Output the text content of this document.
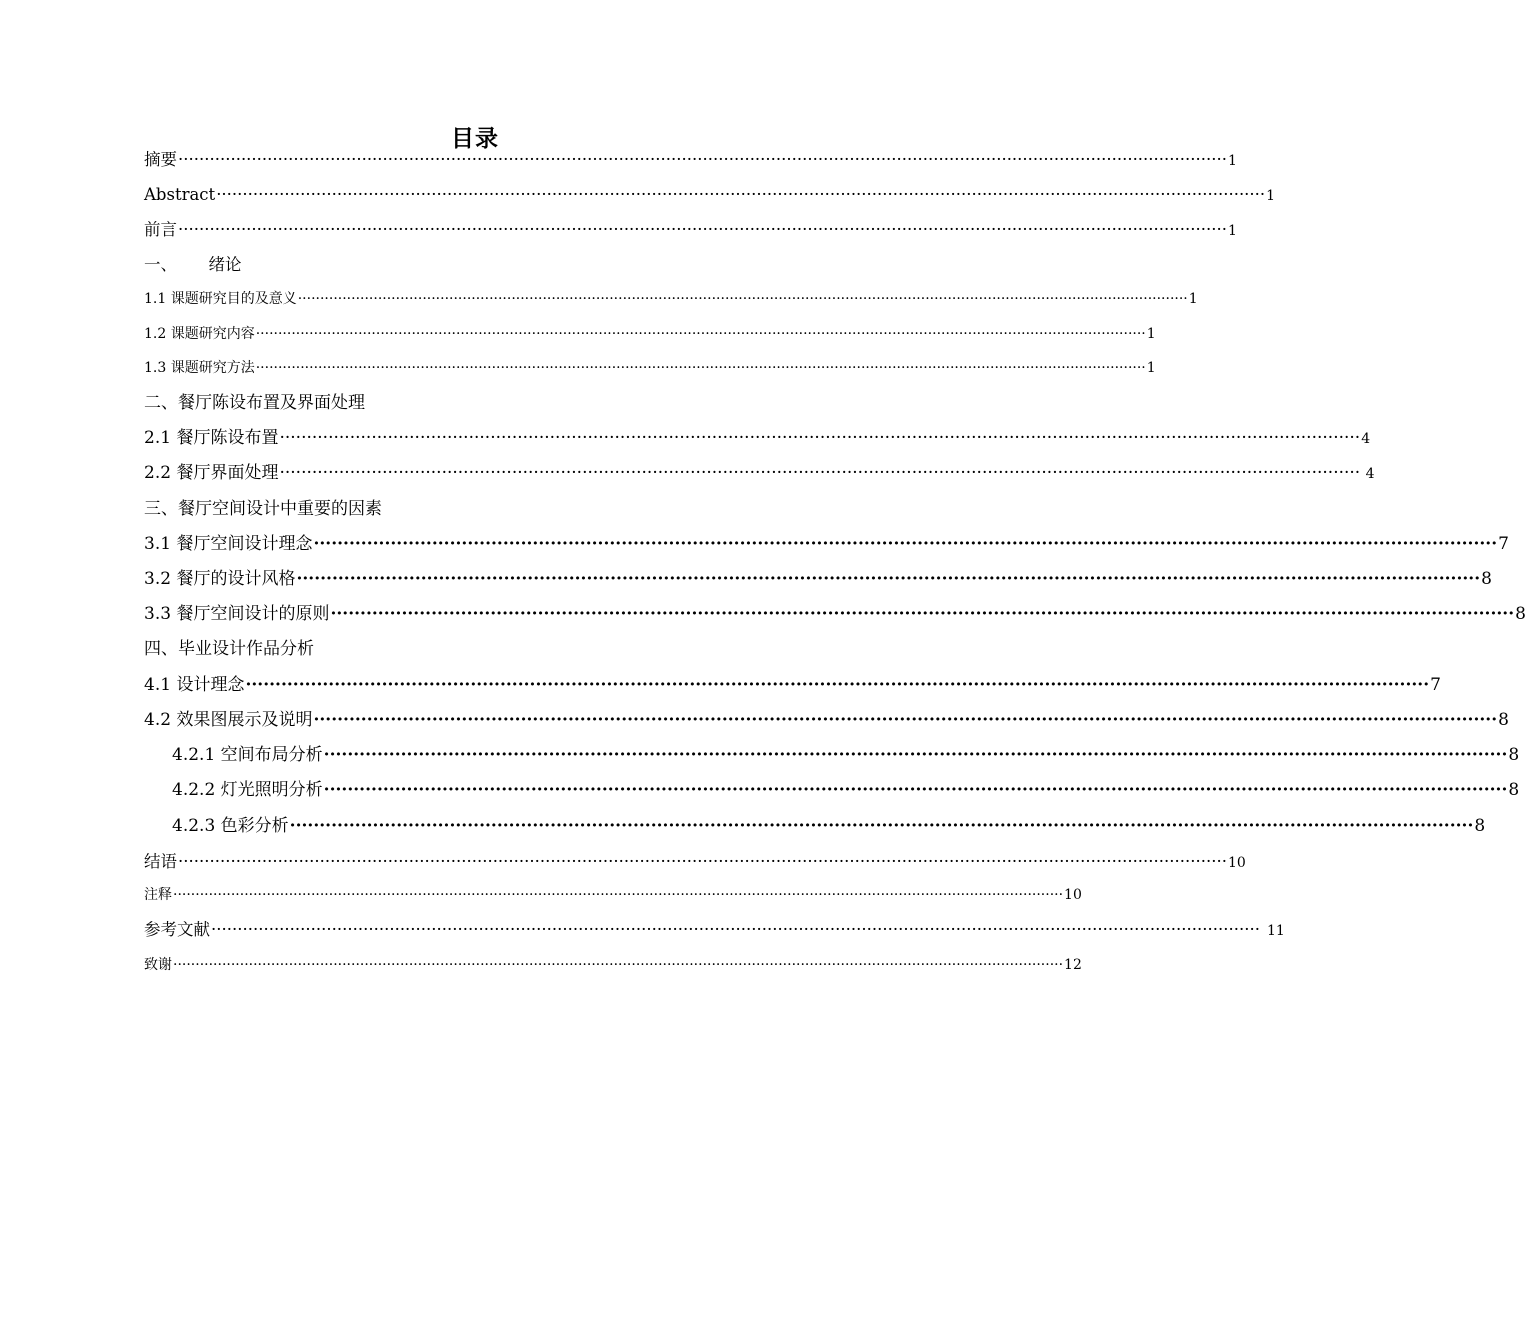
目录
摘要 ········································································································································································································ 1
Abstract ········································································································································································································ 1
前言 ········································································································································································································ 1
一、      绪论
1.1 课题研究目的及意义 ········································································································································································································ 1
1.2 课题研究内容 ········································································································································································································ 1
1.3 课题研究方法 ········································································································································································································ 1
二、餐厅陈设布置及界面处理
2.1 餐厅陈设布置 ········································································································································································································ 4
2.2 餐厅界面处理 ········································································································································································································ 4
三、餐厅空间设计中重要的因素
3.1 餐厅空间设计理念 ········································································································································································································ 7
3.2 餐厅的设计风格 ········································································································································································································ 8
3.3 餐厅空间设计的原则 ········································································································································································································ 8
四、毕业设计作品分析
4.1 设计理念 ········································································································································································································ 7
4.2 效果图展示及说明 ········································································································································································································ 8
4.2.1 空间布局分析 ········································································································································································································ 8
4.2.2 灯光照明分析 ········································································································································································································ 8
4.2.3 色彩分析 ········································································································································································································ 8
结语 ········································································································································································································ 10
注释 ········································································································································································································ 10
参考文献 ········································································································································································································ 11
致谢 ········································································································································································································ 12
